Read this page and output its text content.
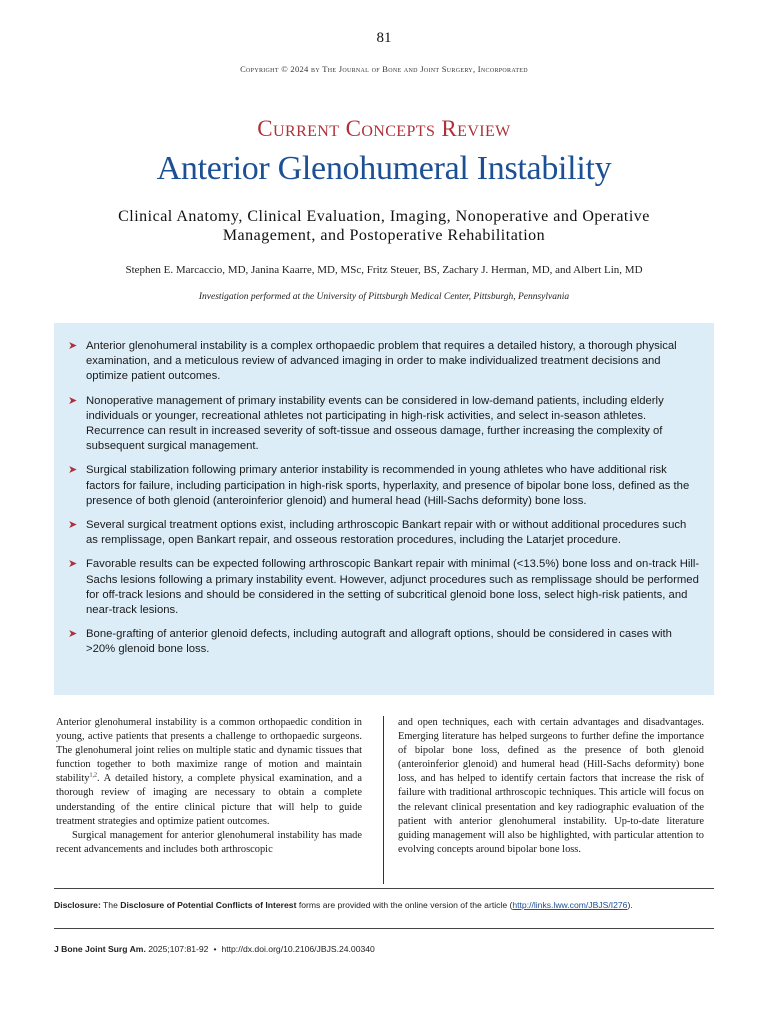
81
Copyright © 2024 by The Journal of Bone and Joint Surgery, Incorporated
Current Concepts Review
Anterior Glenohumeral Instability
Clinical Anatomy, Clinical Evaluation, Imaging, Nonoperative and Operative
Management, and Postoperative Rehabilitation
Stephen E. Marcaccio, MD, Janina Kaarre, MD, MSc, Fritz Steuer, BS, Zachary J. Herman, MD, and Albert Lin, MD
Investigation performed at the University of Pittsburgh Medical Center, Pittsburgh, Pennsylvania
➤ Anterior glenohumeral instability is a complex orthopaedic problem that requires a detailed history, a thorough physical examination, and a meticulous review of advanced imaging in order to make individualized treatment decisions and optimize patient outcomes.
➤ Nonoperative management of primary instability events can be considered in low-demand patients, including elderly individuals or younger, recreational athletes not participating in high-risk activities, and select in-season athletes. Recurrence can result in increased severity of soft-tissue and osseous damage, further increasing the complexity of subsequent surgical management.
➤ Surgical stabilization following primary anterior instability is recommended in young athletes who have additional risk factors for failure, including participation in high-risk sports, hyperlaxity, and presence of bipolar bone loss, defined as the presence of both glenoid (anteroinferior glenoid) and humeral head (Hill-Sachs deformity) bone loss.
➤ Several surgical treatment options exist, including arthroscopic Bankart repair with or without additional procedures such as remplissage, open Bankart repair, and osseous restoration procedures, including the Latarjet procedure.
➤ Favorable results can be expected following arthroscopic Bankart repair with minimal (<13.5%) bone loss and on-track Hill-Sachs lesions following a primary instability event. However, adjunct procedures such as remplissage should be performed for off-track lesions and should be considered in the setting of subcritical glenoid bone loss, select high-risk patients, and near-track lesions.
➤ Bone-grafting of anterior glenoid defects, including autograft and allograft options, should be considered in cases with >20% glenoid bone loss.

Anterior glenohumeral instability is a common orthopaedic condition in young, active patients that presents a challenge to orthopaedic surgeons. The glenohumeral joint relies on multiple static and dynamic tissues that function together to both maximize range of motion and maintain stability$^{1,2}$. A detailed history, a complete physical examination, and a thorough review of imaging are necessary to obtain a complete understanding of the entire clinical picture that will help to guide treatment strategies and optimize patient outcomes.

Surgical management for anterior glenohumeral instability has made recent advancements and includes both arthroscopic

and open techniques, each with certain advantages and disadvantages. Emerging literature has helped surgeons to further define the importance of bipolar bone loss, defined as the presence of both glenoid (anteroinferior glenoid) and humeral head (Hill-Sachs deformity) bone loss, and has helped to identify certain factors that increase the risk of failure with traditional arthroscopic techniques. This article will focus on the relevant clinical presentation and key radiographic evaluation of the patient with anterior glenohumeral instability. Up-to-date literature guiding management will also be highlighted, with particular attention to evolving concepts around bipolar bone loss.

Disclosure: The Disclosure of Potential Conflicts of Interest forms are provided with the online version of the article (http://links.lww.com/JBJS/I276).
J Bone Joint Surg Am. 2025;107:81-92 • http://dx.doi.org/10.2106/JBJS.24.00340
